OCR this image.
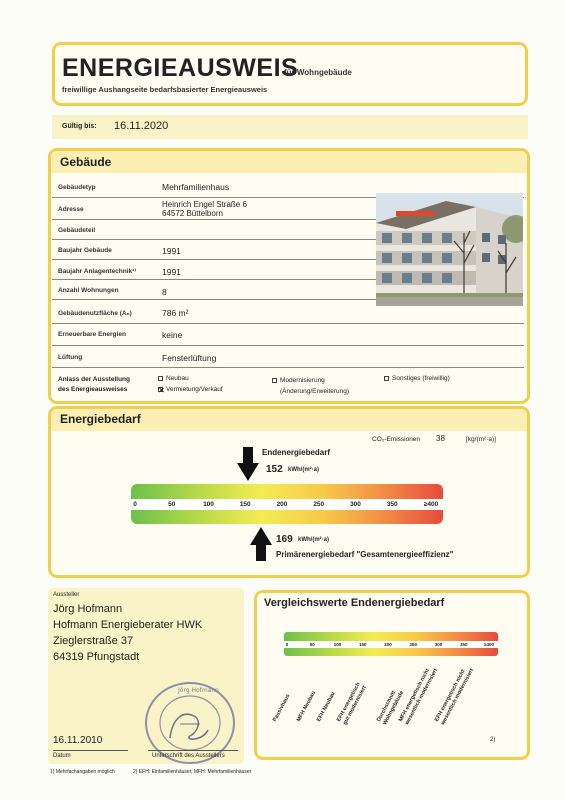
ENERGIEAUSWEIS
für Wohngebäude
freiwillige Aushangseite bedarfsbasierter Energieausweis
Gültig bis: 16.11.2020
Gebäude
Gebäudetyp	Mehrfamilienhaus
Adresse
Heinrich Engel Straße 6
64572 Büttelborn
Gebäudeteil
Baujahr Gebäude	1991
Baujahr Anlagentechnik¹⁾	1991
Anzahl Wohnungen	8
Gebäudenutzfläche (Aₙ)	786 m²
Erneuerbare Energien	keine
Lüftung	Fensterlüftung
Anlass der Ausstellung
des Energieausweises
Neubau
Vermietung/Verkauf
Modernisierung
(Änderung/Erweiterung)
Sonstiges (freiwillig)
Energiebedarf
CO₂-Emissionen 38	[kg/(m²·a)]
Endenergiebedarf
152 kWh/(m²·a)
0	50	100	150	200	250	300	350	≥400
169 kWh/(m²·a)
Primärenergiebedarf "Gesamtenergieeffizienz"
Aussteller
Jörg Hofmann
Hofmann Energieberater HWK
Zieglerstraße 37
64319 Pfungstadt
Jörg Hofmann
16.11.2010
Datum	Unterschrift des Ausstellers
Vergleichswerte Endenergiebedarf
0	50	100	150	200	250	300	350	≥400
Passivhaus MFH Neubau
EFH Neubau EFH energetisch
gut modernisiert Durchschnitt
Wohngebäude
MFH energetisch nicht
wesentlich modernisiert
EFH energetisch nicht
wesentlich modernisiert
2)
1) Mehrfachangaben möglich	2) EFH: Einfamilienhäuser, MFH: Mehrfamilienhäuser
